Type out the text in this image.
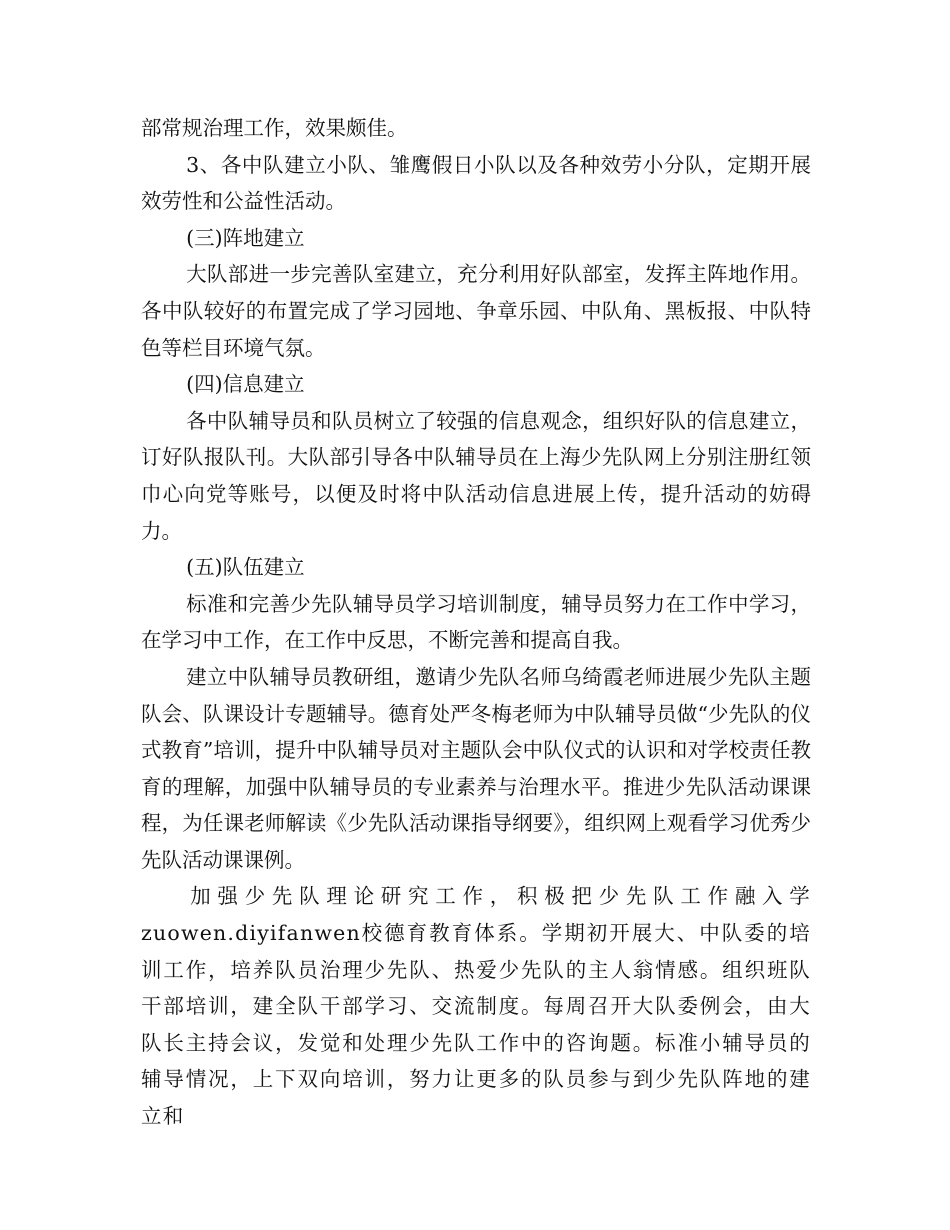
部常规治理工作，效果颇佳。

3、各中队建立小队、雏鹰假日小队以及各种效劳小分队，定期开展效劳性和公益性活动。

(三)阵地建立

大队部进一步完善队室建立，充分利用好队部室，发挥主阵地作用。各中队较好的布置完成了学习园地、争章乐园、中队角、黑板报、中队特色等栏目环境气氛。

(四)信息建立

各中队辅导员和队员树立了较强的信息观念，组织好队的信息建立，订好队报队刊。大队部引导各中队辅导员在上海少先队网上分别注册红领巾心向党等账号，以便及时将中队活动信息进展上传，提升活动的妨碍力。

(五)队伍建立

标准和完善少先队辅导员学习培训制度，辅导员努力在工作中学习，在学习中工作，在工作中反思，不断完善和提高自我。

建立中队辅导员教研组，邀请少先队名师乌绮霞老师进展少先队主题队会、队课设计专题辅导。德育处严冬梅老师为中队辅导员做“少先队的仪式教育”培训，提升中队辅导员对主题队会中队仪式的认识和对学校责任教育的理解，加强中队辅导员的专业素养与治理水平。推进少先队活动课课程，为任课老师解读《少先队活动课指导纲要》，组织网上观看学习优秀少先队活动课课例。

加强少先队理论研究工作，积极把少先队工作融入学zuowen.diyifanwen校德育教育体系。学期初开展大、中队委的培训工作，培养队员治理少先队、热爱少先队的主人翁情感。组织班队干部培训，建全队干部学习、交流制度。每周召开大队委例会，由大队长主持会议，发觉和处理少先队工作中的咨询题。标准小辅导员的辅导情况，上下双向培训，努力让更多的队员参与到少先队阵地的建立和
